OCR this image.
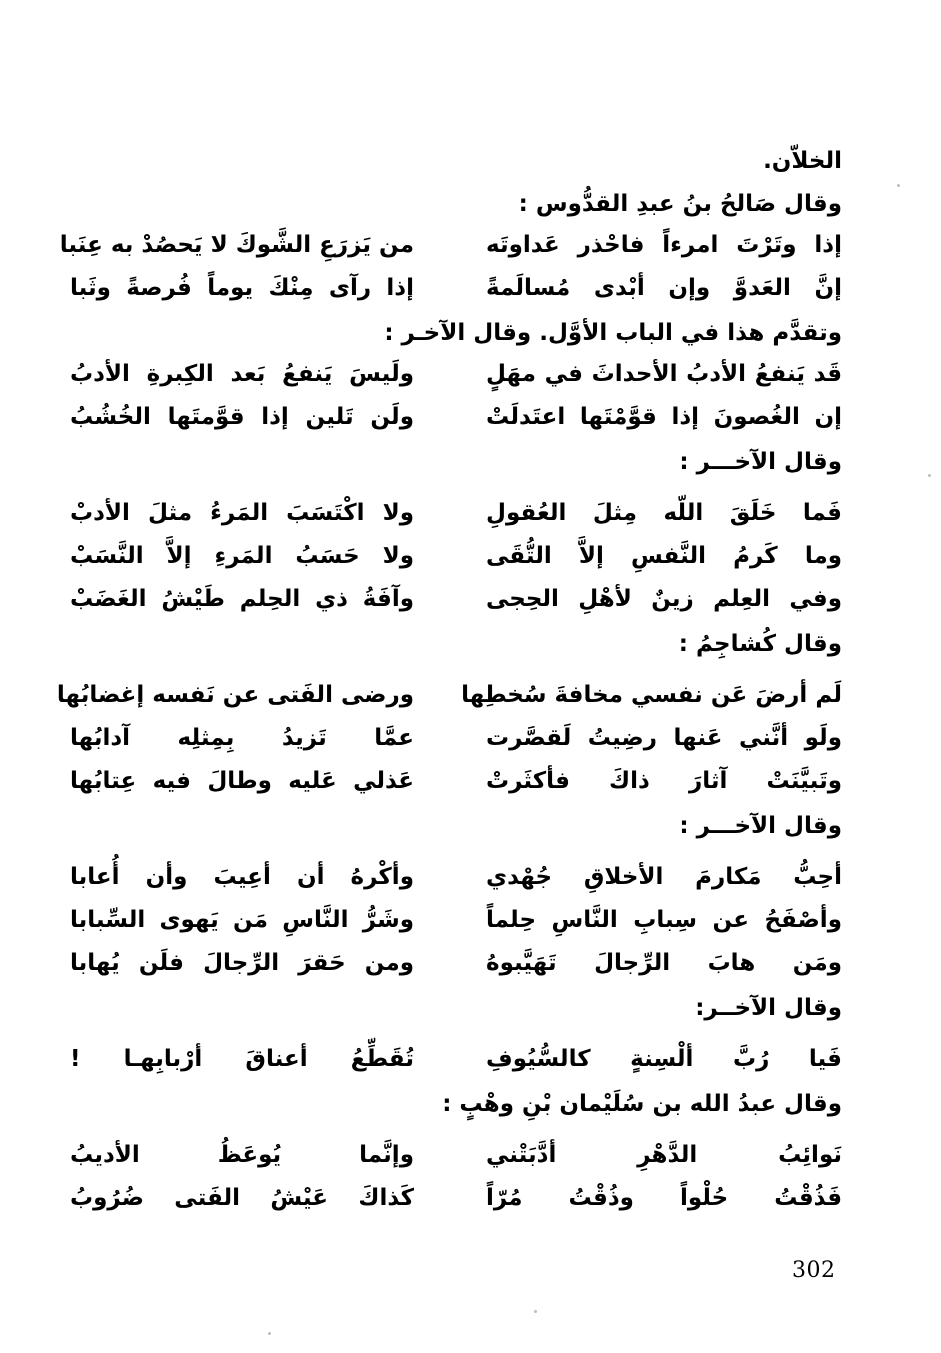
الخلاّن.
وقال صَالحُ بنُ عبدِ القدُّوس :
إذا وتَرْتَ امرءاً فاحْذر عَداوتَه
من يَزرَعِ الشَّوكَ لا يَحصُدْ به عِنَبا
إنَّ العَدوَّ وإن أبْدى مُسالَمةً
إذا رآى مِنْكَ يوماً فُرصةً وثَبا
وتقدَّم هذا في الباب الأوَّل. وقال الآخـر :
قَد يَنفعُ الأدبُ الأحداثَ في مهَلٍ
ولَيسَ يَنفعُ بَعد الكِبرةِ الأدبُ
إن الغُصونَ إذا قوَّمْتَها اعتَدلَتْ
ولَن تَلين إذا قوَّمتَها الخُشُبُ
وقال الآخـــر :
فَما خَلَقَ اللّه مِثلَ العُقولِ
ولا اكْتَسَبَ المَرءُ مثلَ الأدبْ
وما كَرمُ النَّفسِ إلاَّ التُّقَى
ولا حَسَبُ المَرءِ إلاَّ النَّسَبْ
وفي العِلم زينٌ لأهْلِ الحِجى
وآفَةُ ذي الحِلم طَيْشُ الغَضَبْ
وقال كُشاجِمُ :
لَم أرضَ عَن نفسي مخافةَ سُخطِها
ورضى الفَتى عن نَفسه إغضابُها
ولَو أنَّني عَنها رضِيتُ لَقصَّرت
عمَّا تَزيدُ بِمِثلِه آدابُها
وتَبيَّنَتْ آثارَ ذاكَ فأكثَرتْ
عَذلي عَليه وطالَ فيه عِتابُها
وقال الآخـــر :
أحِبُّ مَكارمَ الأخلاقِ جُهْدي
وأكْرهُ أن أعِيبَ وأن أُعابا
وأصْفَحُ عن سِبابِ النَّاسِ حِلماً
وشَرُّ النَّاسِ مَن يَهوى السِّبابا
ومَن هابَ الرِّجالَ تَهَيَّبوهُ
ومن حَقرَ الرِّجالَ فلَن يُهابا
وقال الآخــر:
فَيا رُبَّ ألْسِنةٍ كالسُّيُوفِ
تُقَطِّعُ أعناقَ أرْبابِهـا !
وقال عبدُ الله بن سُلَيْمان بْنِ وهْبٍ :
نَوائِبُ الدَّهْرِ أدَّبَتْني
وإنَّما يُوعَظُ الأديبُ
فَذُقْتُ حُلْواً وذُقْتُ مُرّاً
كَذاكَ عَيْشُ الفَتى ضُرُوبُ
302
